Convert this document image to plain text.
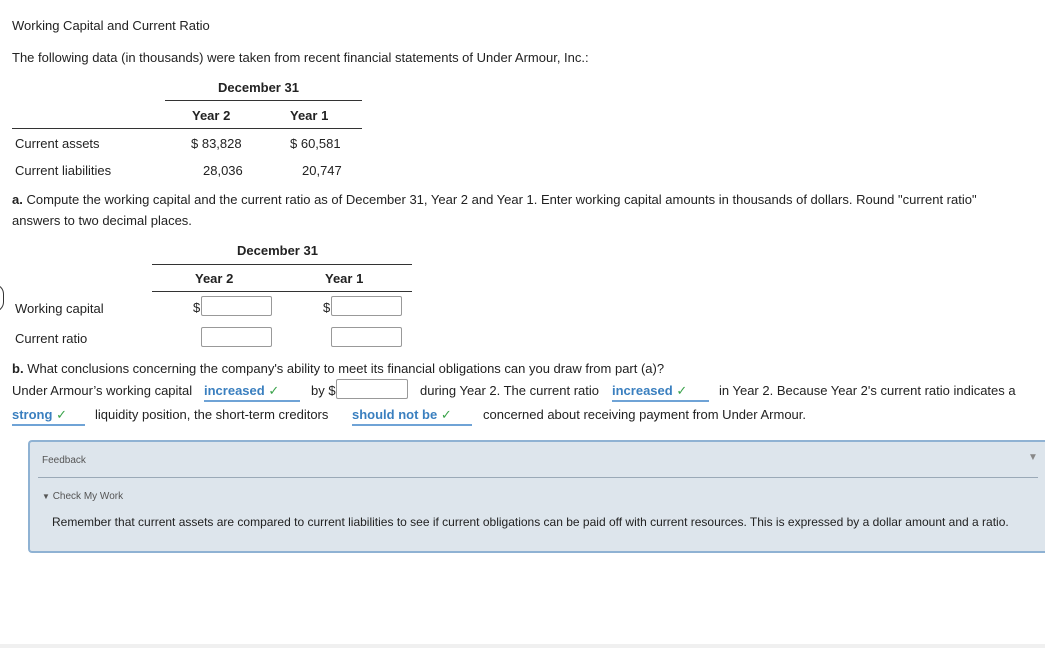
Working Capital and Current Ratio
The following data (in thousands) were taken from recent financial statements of Under Armour, Inc.:
December 31
Year 2	Year 1
Current assets	$ 83,828	$ 60,581
Current liabilities	28,036	20,747
a. Compute the working capital and the current ratio as of December 31, Year 2 and Year 1. Enter working capital amounts in thousands of dollars. Round "current ratio"
answers to two decimal places.
December 31
Year 2	Year 1
Working capital	$	$
Current ratio
b. What conclusions concerning the company's ability to meet its financial obligations can you draw from part (a)?
Under Armour’s working capital increased ✓	by $	during Year 2. The current ratio increased ✓	in Year 2. Because Year 2's current ratio indicates a
strong ✓	liquidity position, the short-term creditors should not be ✓	concerned about receiving payment from Under Armour.
Feedback	▼
▼ Check My Work
Remember that current assets are compared to current liabilities to see if current obligations can be paid off with current resources. This is expressed by a dollar amount and a ratio.
